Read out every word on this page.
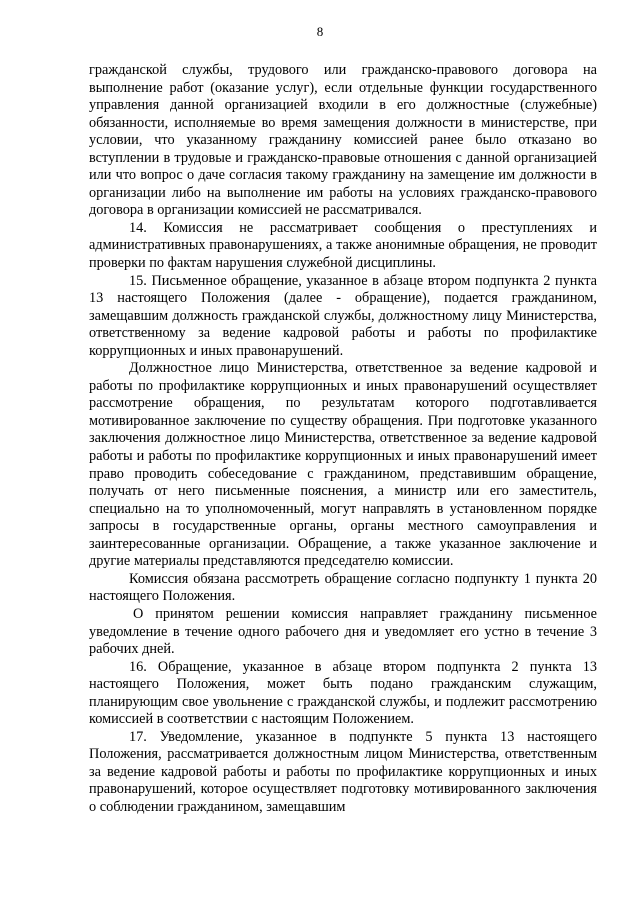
8

гражданской службы, трудового или гражданско-правового договора на выполнение работ (оказание услуг), если отдельные функции государственного управления данной организацией входили в его должностные (служебные) обязанности, исполняемые во время замещения должности в министерстве, при условии, что указанному гражданину комиссией ранее было отказано во вступлении в трудовые и гражданско-правовые отношения с данной организацией или что вопрос о даче согласия такому гражданину на замещение им должности в организации либо на выполнение им работы на условиях гражданско-правового договора в организации комиссией не рассматривался.

14. Комиссия не рассматривает сообщения о преступлениях и административных правонарушениях, а также анонимные обращения, не проводит проверки по фактам нарушения служебной дисциплины.

15. Письменное обращение, указанное в абзаце втором подпункта 2 пункта 13 настоящего Положения (далее - обращение), подается гражданином, замещавшим должность гражданской службы, должностному лицу Министерства, ответственному за ведение кадровой работы и работы по профилактике коррупционных и иных правонарушений.

Должностное лицо Министерства, ответственное за ведение кадровой и работы по профилактике коррупционных и иных правонарушений осуществляет рассмотрение обращения, по результатам которого подготавливается мотивированное заключение по существу обращения. При подготовке указанного заключения должностное лицо Министерства, ответственное за ведение кадровой работы и работы по профилактике коррупционных и иных правонарушений имеет право проводить собеседование с гражданином, представившим обращение, получать от него письменные пояснения, а министр или его заместитель, специально на то уполномоченный, могут направлять в установленном порядке запросы в государственные органы, органы местного самоуправления и заинтересованные организации. Обращение, а также указанное заключение и другие материалы представляются председателю комиссии.

Комиссия обязана рассмотреть обращение согласно подпункту 1 пункта 20 настоящего Положения.

О принятом решении комиссия направляет гражданину письменное уведомление в течение одного рабочего дня и уведомляет его устно в течение 3 рабочих дней.

16. Обращение, указанное в абзаце втором подпункта 2 пункта 13 настоящего Положения, может быть подано гражданским служащим, планирующим свое увольнение с гражданской службы, и подлежит рассмотрению комиссией в соответствии с настоящим Положением.

17. Уведомление, указанное в подпункте 5 пункта 13 настоящего Положения, рассматривается должностным лицом Министерства, ответственным за ведение кадровой работы и работы по профилактике коррупционных и иных правонарушений, которое осуществляет подготовку мотивированного заключения о соблюдении гражданином, замещавшим
